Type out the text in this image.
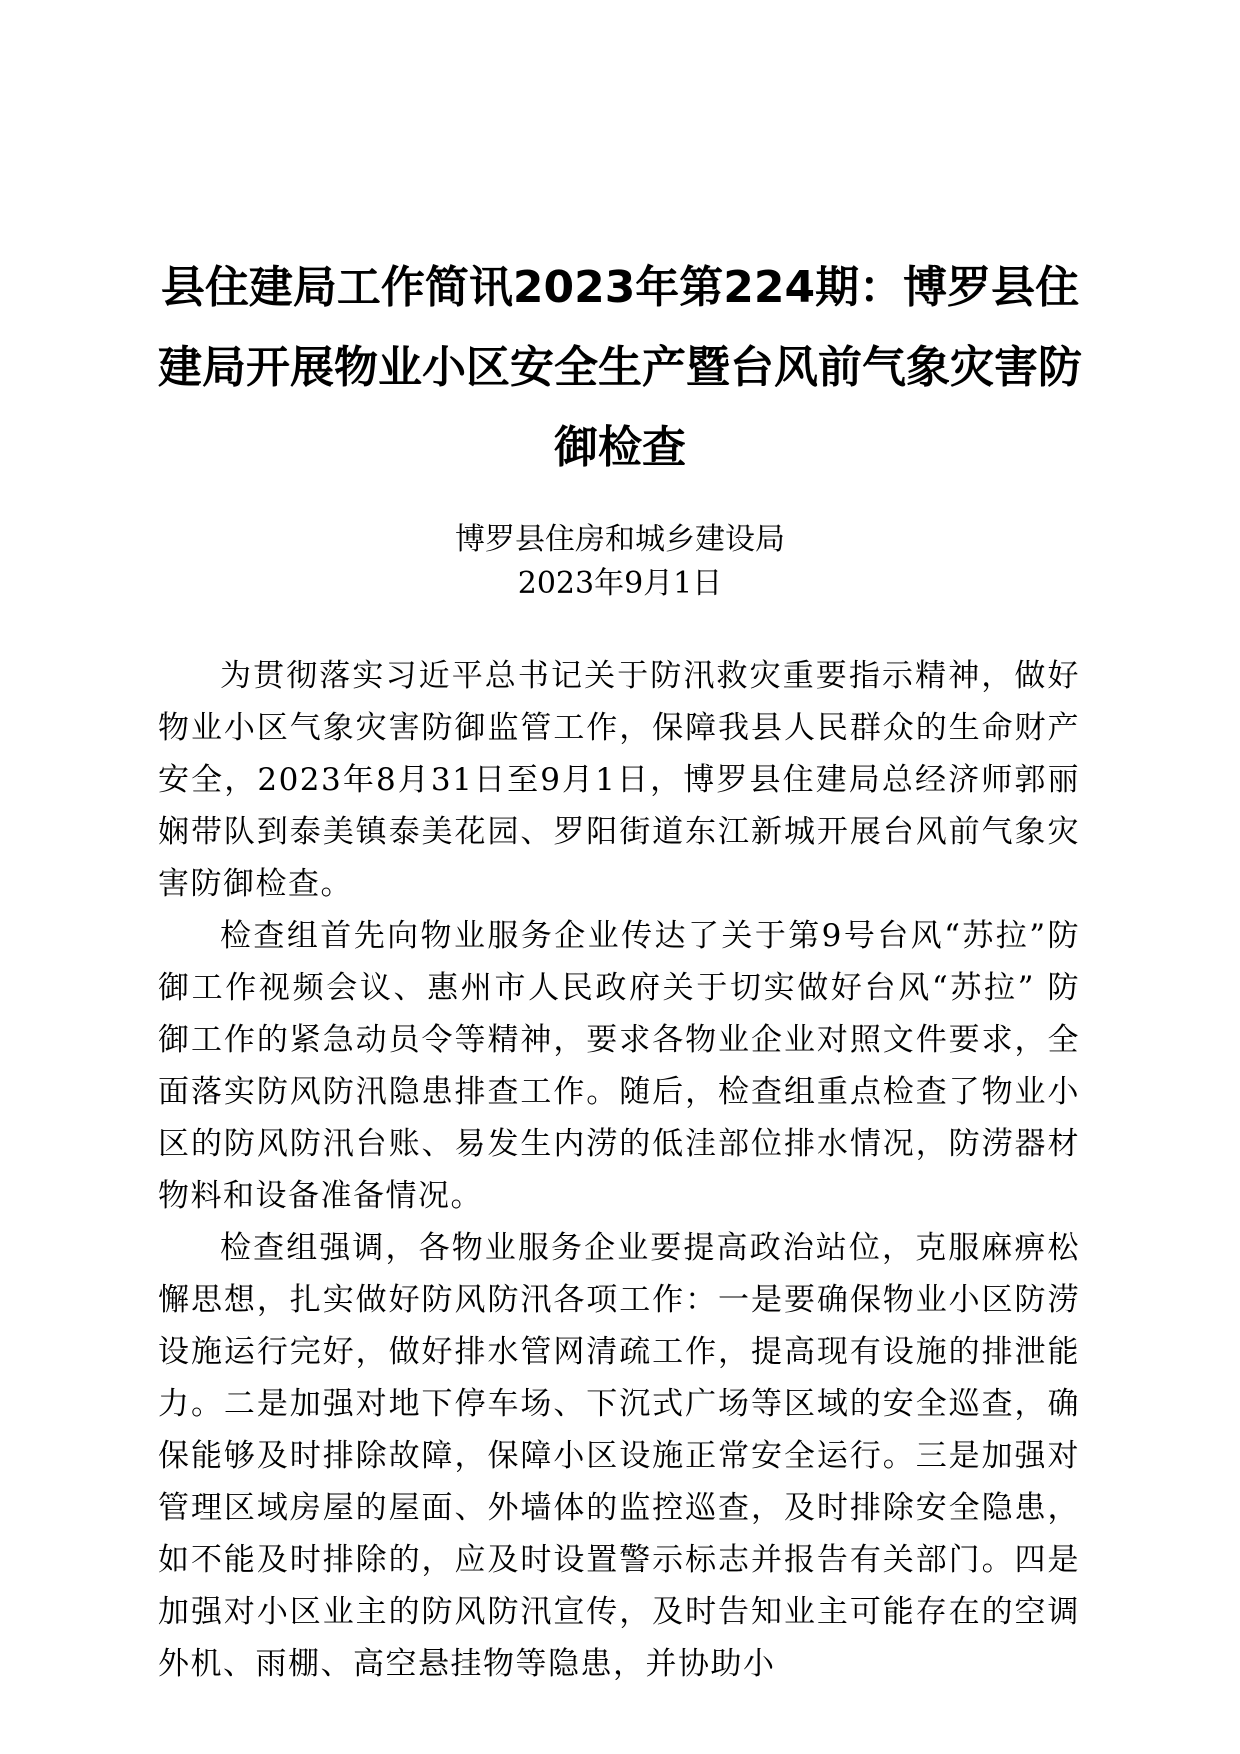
县住建局工作简讯2023年第224期：博罗县住建局开展物业小区安全生产暨台风前气象灾害防御检查
博罗县住房和城乡建设局
2023年9月1日

为贯彻落实习近平总书记关于防汛救灾重要指示精神，做好物业小区气象灾害防御监管工作，保障我县人民群众的生命财产安全，2023年8月31日至9月1日，博罗县住建局总经济师郭丽娴带队到泰美镇泰美花园、罗阳街道东江新城开展台风前气象灾害防御检查。

检查组首先向物业服务企业传达了关于第9号台风“苏拉”防御工作视频会议、惠州市人民政府关于切实做好台风“苏拉” 防御工作的紧急动员令等精神，要求各物业企业对照文件要求，全面落实防风防汛隐患排查工作。随后，检查组重点检查了物业小区的防风防汛台账、易发生内涝的低洼部位排水情况，防涝器材物料和设备准备情况。

检查组强调，各物业服务企业要提高政治站位，克服麻痹松懈思想，扎实做好防风防汛各项工作：一是要确保物业小区防涝设施运行完好，做好排水管网清疏工作，提高现有设施的排泄能力。二是加强对地下停车场、下沉式广场等区域的安全巡查，确保能够及时排除故障，保障小区设施正常安全运行。三是加强对管理区域房屋的屋面、外墙体的监控巡查，及时排除安全隐患，如不能及时排除的，应及时设置警示标志并报告有关部门。四是加强对小区业主的防风防汛宣传，及时告知业主可能存在的空调外机、雨棚、高空悬挂物等隐患，并协助小
